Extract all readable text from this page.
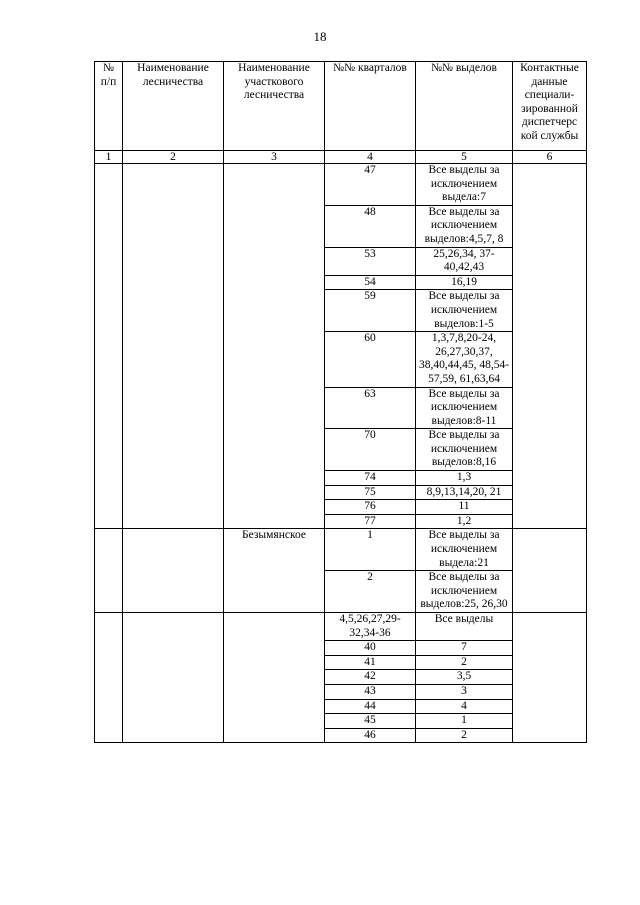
18
№ п/п	Наименование лесничества	Наименование участкового лесничества	№№ кварталов	№№ выделов	Контактные данные специали- зированной диспетчерс кой службы
1	2	3	4	5	6
			47	Все выделы за исключением выдела:7	
			48	Все выделы за исключением выделов:4,5,7, 8	
			53	25,26,34, 37-40,42,43	
			54	16,19	
			59	Все выделы за исключением выделов:1-5	
			60	1,3,7,8,20-24, 26,27,30,37, 38,40,44,45, 48,54-57,59, 61,63,64	
			63	Все выделы за исключением выделов:8-11	
			70	Все выделы за исключением выделов:8,16	
			74	1,3	
			75	8,9,13,14,20, 21	
			76	11	
			77	1,2	
		Безымянское	1	Все выделы за исключением выдела:21	
			2	Все выделы за исключением выделов:25, 26,30	
			4,5,26,27,29- 32,34-36	Все выделы	
			40	7	
			41	2	
			42	3,5	
			43	3	
			44	4	
			45	1	
			46	2	
